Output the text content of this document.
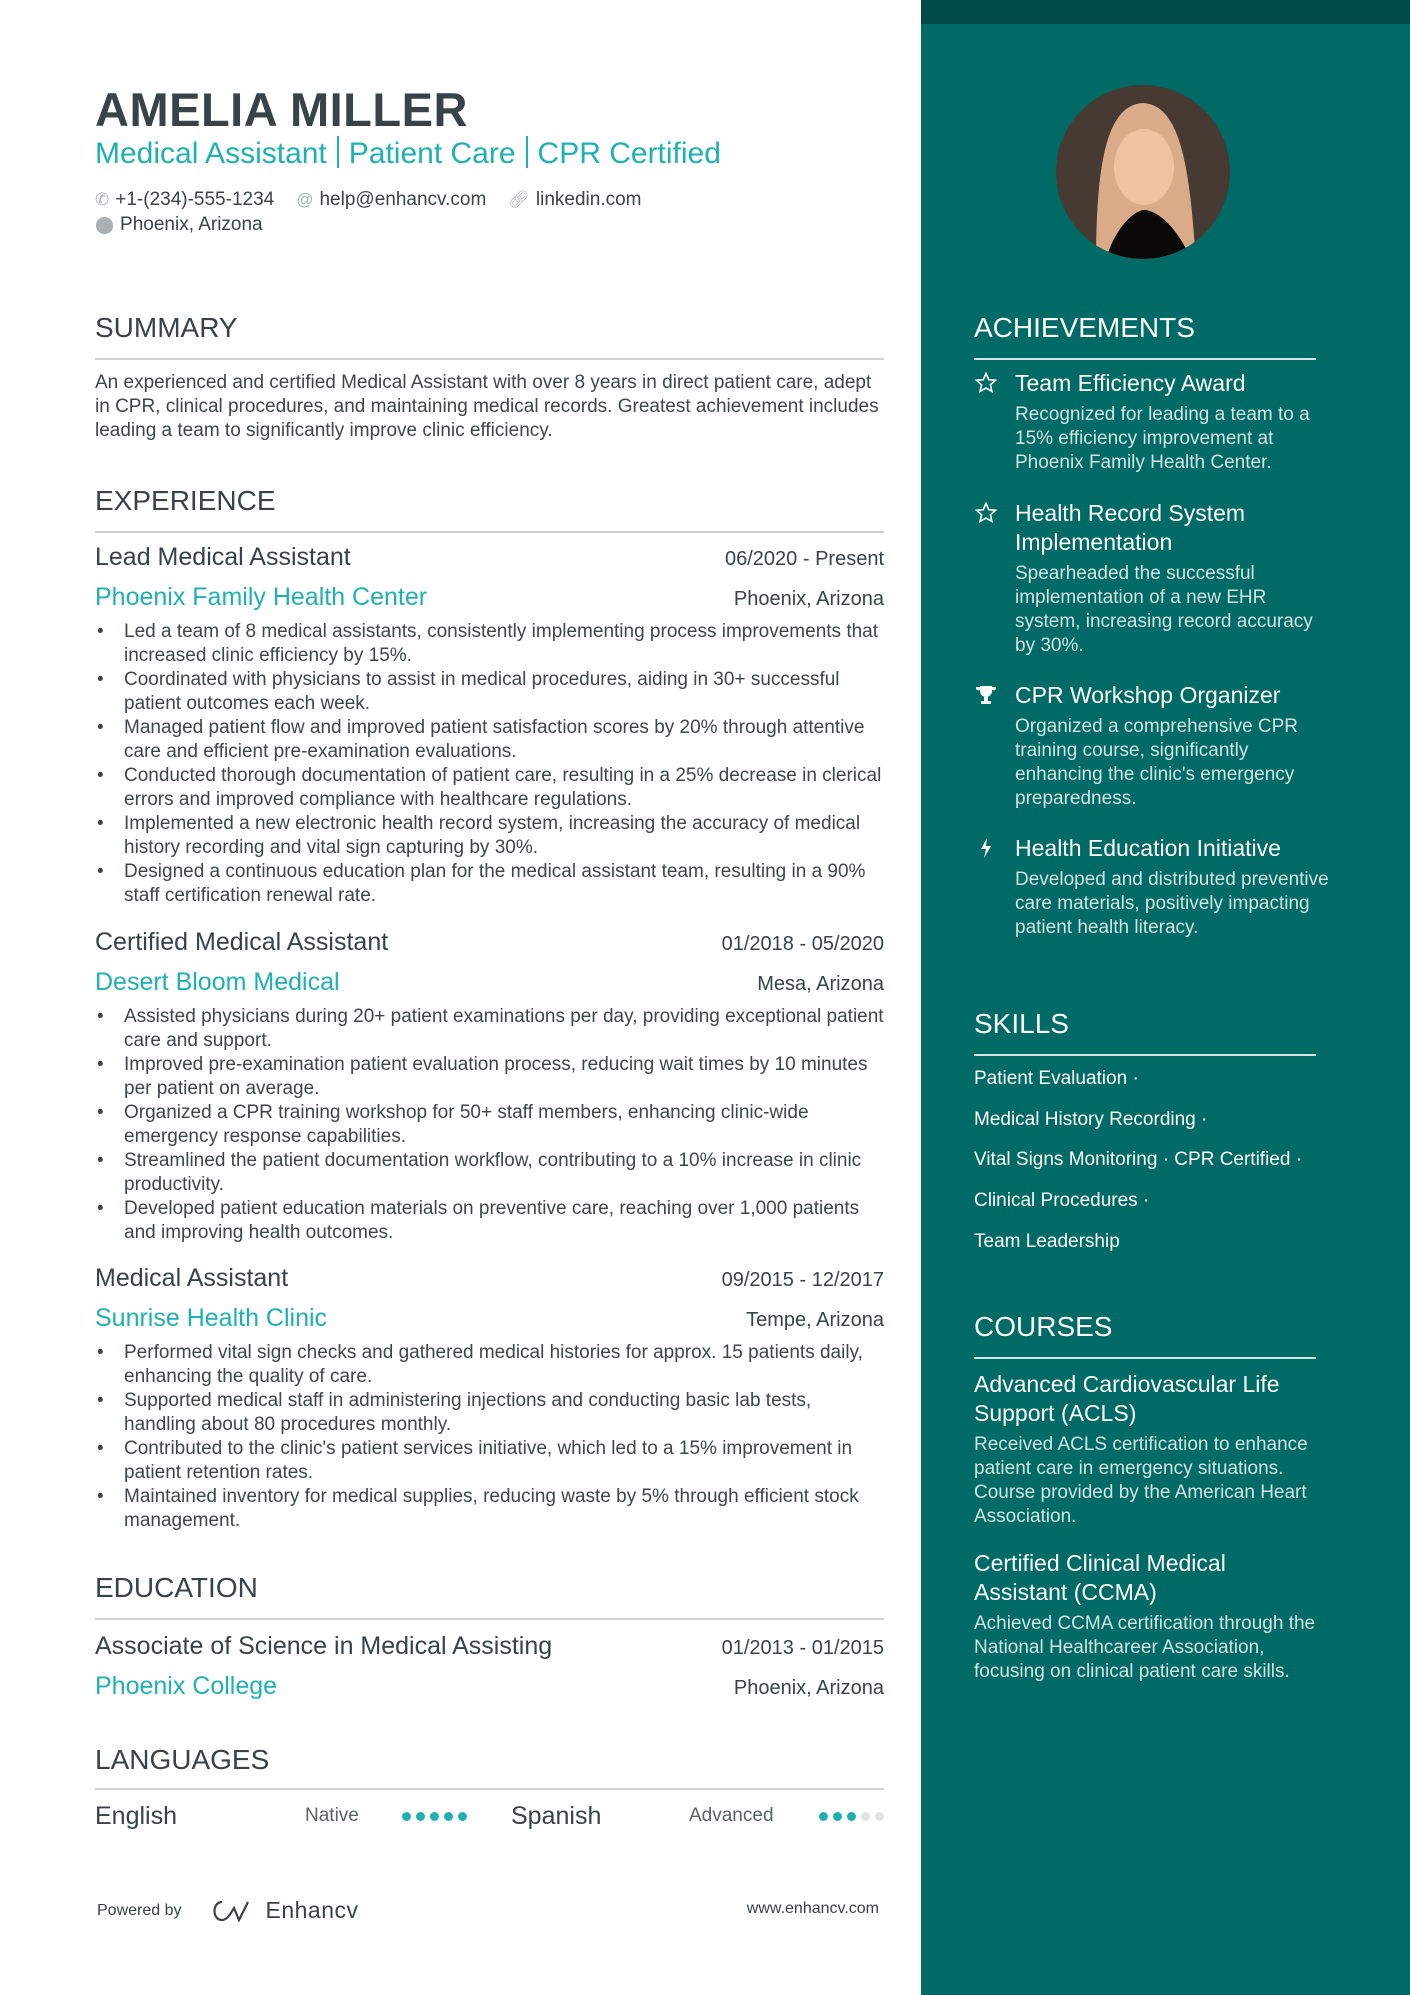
AMELIA MILLER
Medical Assistant Patient Care CPR Certified
✆ +1-(234)-555-1234 @ help@enhancv.com 🔗︎ linkedin.com
⬤ Phoenix, Arizona
SUMMARY
An experienced and certified Medical Assistant with over 8 years in direct patient care, adept in CPR, clinical procedures, and maintaining medical records. Greatest achievement includes leading a team to significantly improve clinic efficiency.
EXPERIENCE
Lead Medical Assistant	06/2020 - Present
Phoenix Family Health Center	Phoenix, Arizona
• Led a team of 8 medical assistants, consistently implementing process improvements that increased clinic efficiency by 15%.
• Coordinated with physicians to assist in medical procedures, aiding in 30+ successful patient outcomes each week.
• Managed patient flow and improved patient satisfaction scores by 20% through attentive care and efficient pre-examination evaluations.
• Conducted thorough documentation of patient care, resulting in a 25% decrease in clerical errors and improved compliance with healthcare regulations.
• Implemented a new electronic health record system, increasing the accuracy of medical history recording and vital sign capturing by 30%.
• Designed a continuous education plan for the medical assistant team, resulting in a 90% staff certification renewal rate.
Certified Medical Assistant	01/2018 - 05/2020
Desert Bloom Medical	Mesa, Arizona
• Assisted physicians during 20+ patient examinations per day, providing exceptional patient care and support.
• Improved pre-examination patient evaluation process, reducing wait times by 10 minutes per patient on average.
• Organized a CPR training workshop for 50+ staff members, enhancing clinic-wide emergency response capabilities.
• Streamlined the patient documentation workflow, contributing to a 10% increase in clinic productivity.
• Developed patient education materials on preventive care, reaching over 1,000 patients and improving health outcomes.
Medical Assistant	09/2015 - 12/2017
Sunrise Health Clinic	Tempe, Arizona
• Performed vital sign checks and gathered medical histories for approx. 15 patients daily, enhancing the quality of care.
• Supported medical staff in administering injections and conducting basic lab tests, handling about 80 procedures monthly.
• Contributed to the clinic's patient services initiative, which led to a 15% improvement in patient retention rates.
• Maintained inventory for medical supplies, reducing waste by 5% through efficient stock management.
EDUCATION
Associate of Science in Medical Assisting	01/2013 - 01/2015
Phoenix College	Phoenix, Arizona
LANGUAGES
English	Native	Spanish	Advanced
Powered by	Enhancv	www.enhancv.com
ACHIEVEMENTS
Team Efficiency Award
Recognized for leading a team to a 15% efficiency improvement at Phoenix Family Health Center.
Health Record System Implementation
Spearheaded the successful implementation of a new EHR system, increasing record accuracy by 30%.
CPR Workshop Organizer
Organized a comprehensive CPR training course, significantly enhancing the clinic's emergency preparedness.
Health Education Initiative
Developed and distributed preventive care materials, positively impacting patient health literacy.
SKILLS
Patient Evaluation ·
Medical History Recording ·
Vital Signs Monitoring · CPR Certified ·
Clinical Procedures ·
Team Leadership
COURSES
Advanced Cardiovascular Life Support (ACLS)
Received ACLS certification to enhance patient care in emergency situations. Course provided by the American Heart Association.
Certified Clinical Medical Assistant (CCMA)
Achieved CCMA certification through the National Healthcareer Association, focusing on clinical patient care skills.
